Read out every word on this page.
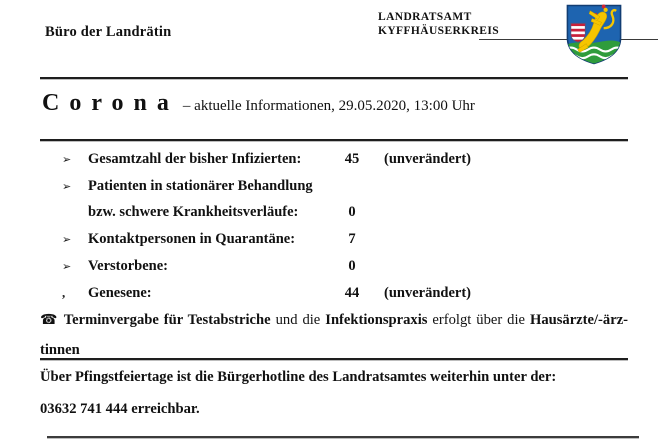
Büro der Landrätin
LANDRATSAMT
KYFFHÄUSERKREIS
C o r o n a – aktuelle Informationen, 29.05.2020, 13:00 Uhr
➢	Gesamtzahl der bisher Infizierten:	45	(unverändert)
➢	Patienten in stationärer Behandlung
bzw. schwere Krankheitsverläufe:	0
➢	Kontaktpersonen in Quarantäne:	7
➢	Verstorbene:	0
,	Genesene:	44	(unverändert)
☎ Terminvergabe für Testabstriche und die Infektionspraxis erfolgt über die Hausärzte/-ärz-
tinnen
Über Pfingstfeiertage ist die Bürgerhotline des Landratsamtes weiterhin unter der:
03632 741 444 erreichbar.
